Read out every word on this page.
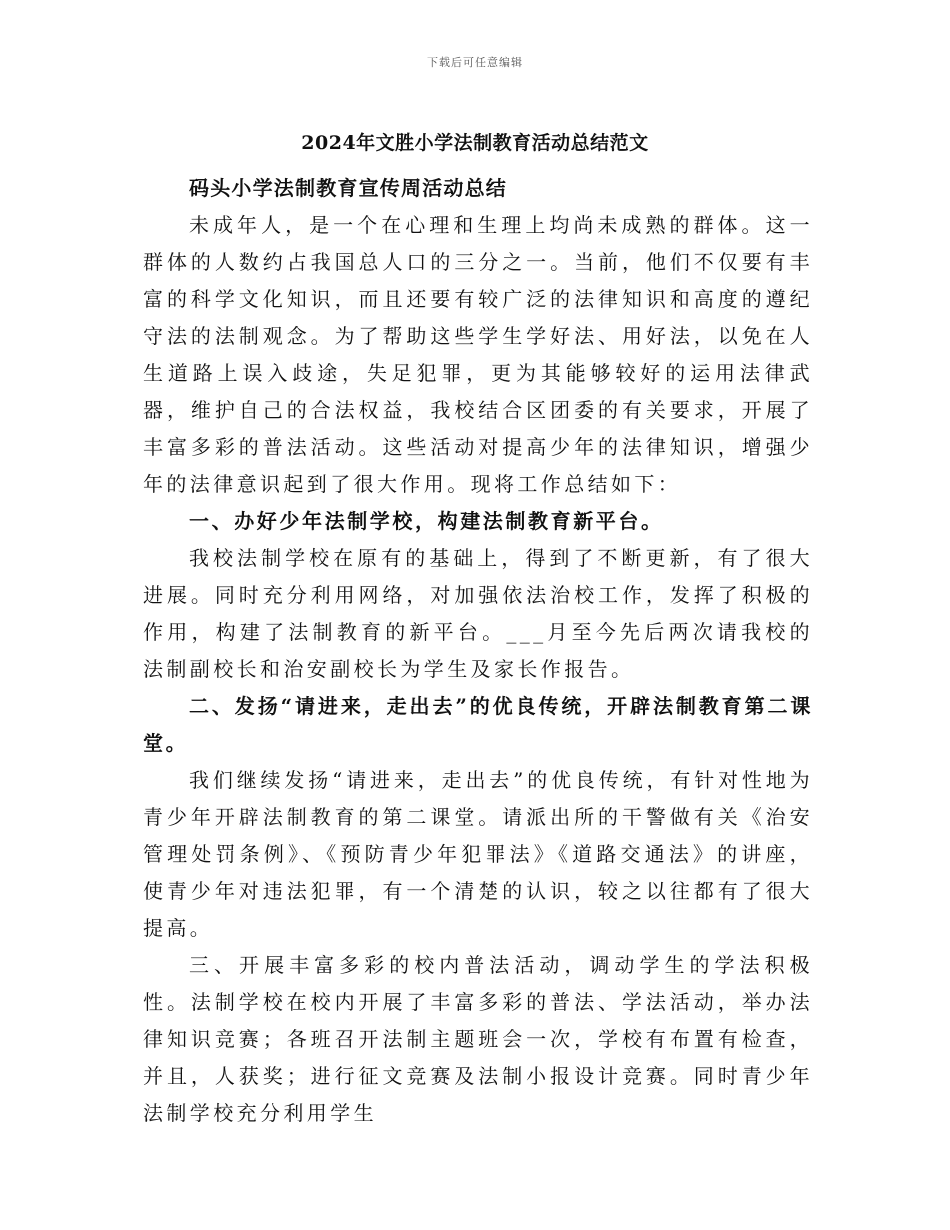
下载后可任意编辑
2024年文胜小学法制教育活动总结范文

码头小学法制教育宣传周活动总结

未成年人，是一个在心理和生理上均尚未成熟的群体。这一群体的人数约占我国总人口的三分之一。当前，他们不仅要有丰富的科学文化知识，而且还要有较广泛的法律知识和高度的遵纪守法的法制观念。为了帮助这些学生学好法、用好法，以免在人生道路上误入歧途，失足犯罪，更为其能够较好的运用法律武器，维护自己的合法权益，我校结合区团委的有关要求，开展了丰富多彩的普法活动。这些活动对提高少年的法律知识，增强少年的法律意识起到了很大作用。现将工作总结如下：

一、办好少年法制学校，构建法制教育新平台。

我校法制学校在原有的基础上，得到了不断更新，有了很大进展。同时充分利用网络，对加强依法治校工作，发挥了积极的作用，构建了法制教育的新平台。___月至今先后两次请我校的法制副校长和治安副校长为学生及家长作报告。

二、发扬“请进来，走出去”的优良传统，开辟法制教育第二课堂。

我们继续发扬“请进来，走出去”的优良传统，有针对性地为青少年开辟法制教育的第二课堂。请派出所的干警做有关《治安管理处罚条例》、《预防青少年犯罪法》《道路交通法》的讲座，使青少年对违法犯罪，有一个清楚的认识，较之以往都有了很大提高。

三、开展丰富多彩的校内普法活动，调动学生的学法积极性。法制学校在校内开展了丰富多彩的普法、学法活动，举办法律知识竞赛；各班召开法制主题班会一次，学校有布置有检查，并且，人获奖；进行征文竞赛及法制小报设计竞赛。同时青少年法制学校充分利用学生
